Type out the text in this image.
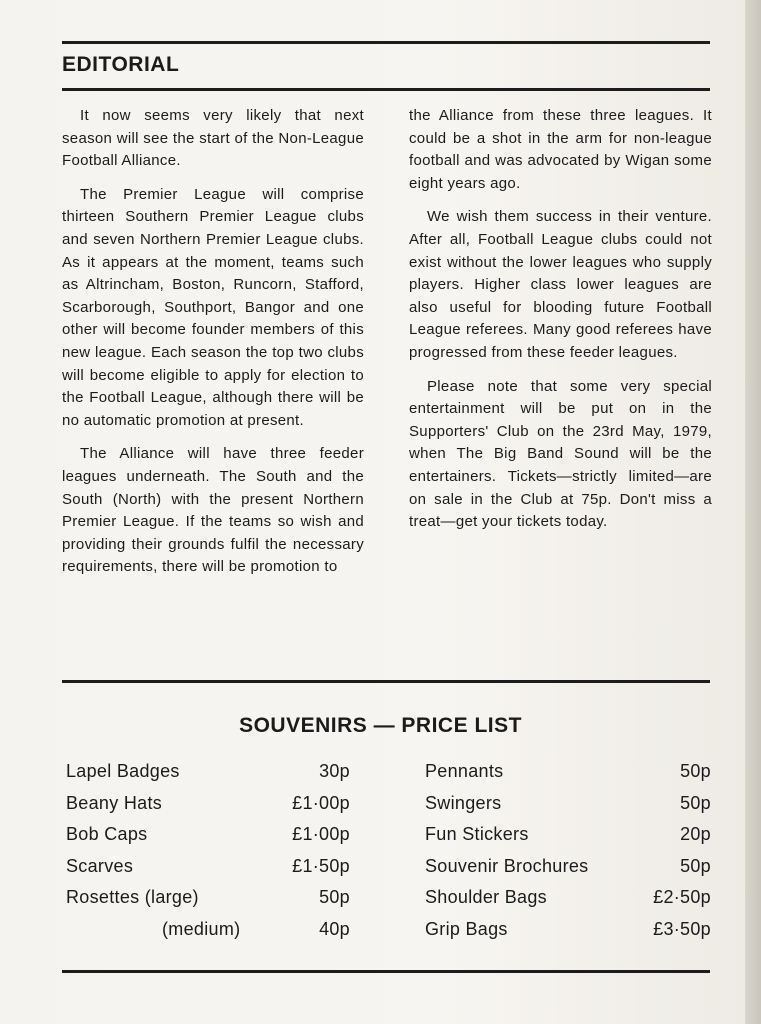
EDITORIAL

It now seems very likely that next season will see the start of the Non-League Football Alliance.

The Premier League will comprise thirteen Southern Premier League clubs and seven Northern Premier League clubs. As it appears at the moment, teams such as Altrincham, Boston, Runcorn, Stafford, Scarborough, Southport, Bangor and one other will become founder members of this new league. Each season the top two clubs will become eligible to apply for election to the Football League, although there will be no automatic promotion at present.

The Alliance will have three feeder leagues underneath. The South and the South (North) with the present Northern Premier League. If the teams so wish and providing their grounds fulfil the necessary requirements, there will be promotion to

the Alliance from these three leagues. It could be a shot in the arm for non-league football and was advocated by Wigan some eight years ago.

We wish them success in their venture. After all, Football League clubs could not exist without the lower leagues who supply players. Higher class lower leagues are also useful for blooding future Football League referees. Many good referees have progressed from these feeder leagues.

Please note that some very special entertainment will be put on in the Supporters' Club on the 23rd May, 1979, when The Big Band Sound will be the entertainers. Tickets—strictly limited—are on sale in the Club at 75p. Don't miss a treat—get your tickets today.

SOUVENIRS — PRICE LIST
Lapel Badges	30p
Beany Hats	£1·00p
Bob Caps	£1·00p
Scarves	£1·50p
Rosettes (large)	50p
(medium)	40p
Pennants	50p
Swingers	50p
Fun Stickers	20p
Souvenir Brochures	50p
Shoulder Bags	£2·50p
Grip Bags	£3·50p
